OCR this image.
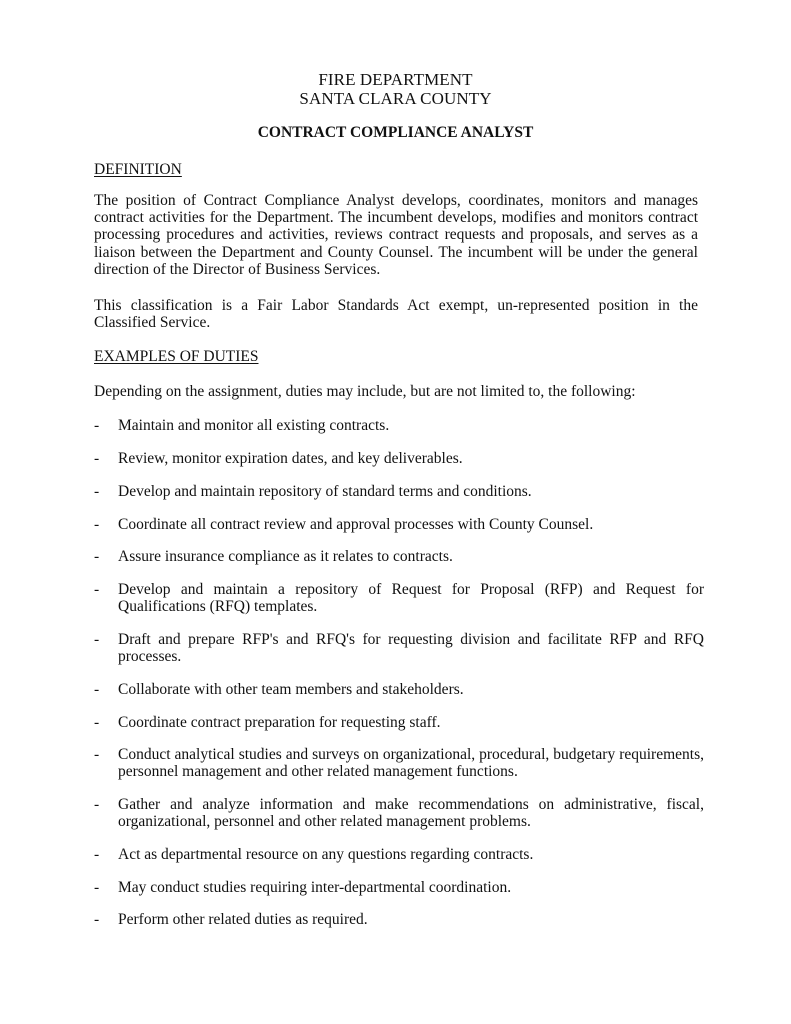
FIRE DEPARTMENT
SANTA CLARA COUNTY
CONTRACT COMPLIANCE ANALYST
DEFINITION

The position of Contract Compliance Analyst develops, coordinates, monitors and manages contract activities for the Department. The incumbent develops, modifies and monitors contract processing procedures and activities, reviews contract requests and proposals, and serves as a liaison between the Department and County Counsel. The incumbent will be under the general direction of the Director of Business Services.

This classification is a Fair Labor Standards Act exempt, un-represented position in the Classified Service.

EXAMPLES OF DUTIES

Depending on the assignment, duties may include, but are not limited to, the following:

- Maintain and monitor all existing contracts.
- Review, monitor expiration dates, and key deliverables.
- Develop and maintain repository of standard terms and conditions.
- Coordinate all contract review and approval processes with County Counsel.
- Assure insurance compliance as it relates to contracts.
- Develop and maintain a repository of Request for Proposal (RFP) and Request for Qualifications (RFQ) templates.
- Draft and prepare RFP's and RFQ's for requesting division and facilitate RFP and RFQ processes.
- Collaborate with other team members and stakeholders.
- Coordinate contract preparation for requesting staff.
- Conduct analytical studies and surveys on organizational, procedural, budgetary requirements, personnel management and other related management functions.
- Gather and analyze information and make recommendations on administrative, fiscal, organizational, personnel and other related management problems.
- Act as departmental resource on any questions regarding contracts.
- May conduct studies requiring inter-departmental coordination.
- Perform other related duties as required.
